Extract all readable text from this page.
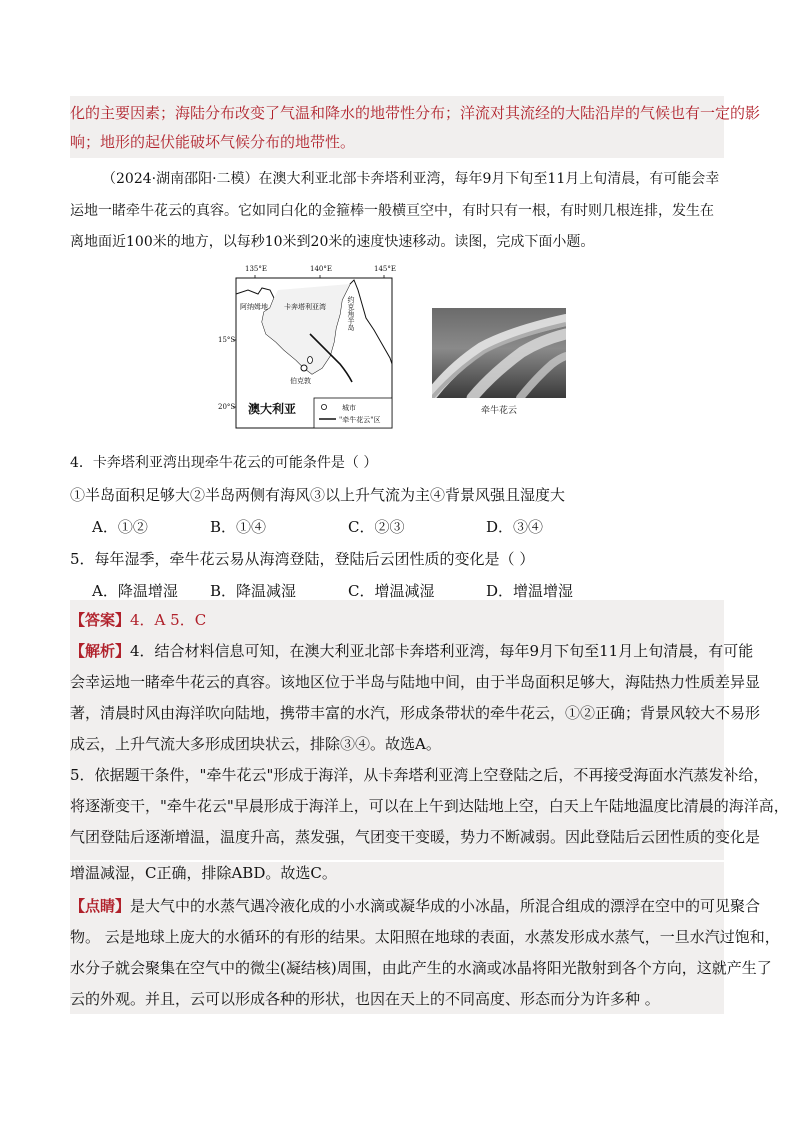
化的主要因素；海陆分布改变了气温和降水的地带性分布；洋流对其流经的大陆沿岸的气候也有一定的影
响；地形的起伏能破坏气候分布的地带性。
（2024·湖南邵阳·二模）在澳大利亚北部卡奔塔利亚湾，每年9月下旬至11月上旬清晨，有可能会幸
运地一睹牵牛花云的真容。它如同白化的金箍棒一般横亘空中，有时只有一根，有时则几根连排，发生在
离地面近100米的地方，以每秒10米到20米的速度快速移动。读图，完成下面小题。
135°E	140°E	145°E
15°S
20°S
阿纳姆地 卡奔塔利亚湾	约克角半岛
伯克敦
澳大利亚	城市
"牵牛花云"区
牵牛花云
4．卡奔塔利亚湾出现牵牛花云的可能条件是（ ）
①半岛面积足够大②半岛两侧有海风③以上升气流为主④背景风强且湿度大
A．①②	B．①④	C．②③	D．③④
5．每年湿季，牵牛花云易从海湾登陆，登陆后云团性质的变化是（ ）
A．降温增湿 B．降温减湿	C．增温减湿	D．增温增湿
【答案】4．A 5．C
【解析】4．结合材料信息可知，在澳大利亚北部卡奔塔利亚湾，每年9月下旬至11月上旬清晨，有可能
会幸运地一睹牵牛花云的真容。该地区位于半岛与陆地中间，由于半岛面积足够大，海陆热力性质差异显
著，清晨时风由海洋吹向陆地，携带丰富的水汽，形成条带状的牵牛花云，①②正确；背景风较大不易形
成云，上升气流大多形成团块状云，排除③④。故选A。
5．依据题干条件，"牵牛花云"形成于海洋，从卡奔塔利亚湾上空登陆之后，不再接受海面水汽蒸发补给，
将逐渐变干，"牵牛花云"早晨形成于海洋上，可以在上午到达陆地上空，白天上午陆地温度比清晨的海洋高，
气团登陆后逐渐增温，温度升高，蒸发强，气团变干变暖，势力不断减弱。因此登陆后云团性质的变化是
增温减湿，C正确，排除ABD。故选C。
【点睛】是大气中的水蒸气遇冷液化成的小水滴或凝华成的小冰晶，所混合组成的漂浮在空中的可见聚合
物。 云是地球上庞大的水循环的有形的结果。太阳照在地球的表面，水蒸发形成水蒸气，一旦水汽过饱和，
水分子就会聚集在空气中的微尘(凝结核)周围，由此产生的水滴或冰晶将阳光散射到各个方向，这就产生了
云的外观。并且，云可以形成各种的形状，也因在天上的不同高度、形态而分为许多种 。
